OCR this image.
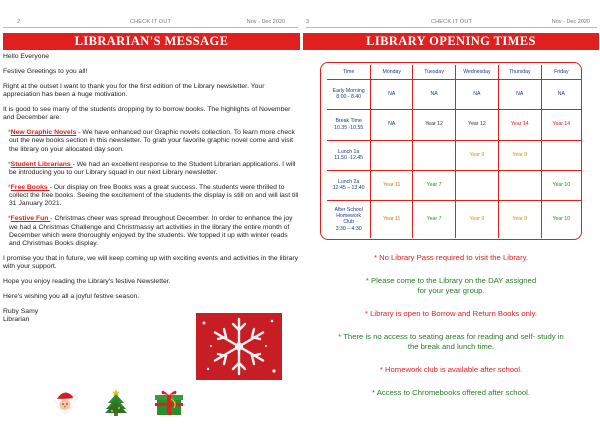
2	CHECK IT OUT	Nov - Dec 2020
LIBRARIAN'S MESSAGE

Hello Everyone

Festive Greetings to you all!

Right at the outset I want to thank you for the first edition of the Library newsletter. Your appreciation has been a huge motivation.

It is good to see many of the students dropping by to borrow books. The highlights of November and December are:

*New Graphic Novels - We have enhanced our Graphic novels collection. To learn more check out the new books section in this newsletter. To grab your favorite graphic novel come and visit the library on your allocated day soon.

*Student Librarians - We had an excellent response to the Student Librarian applications. I will be introducing you to our Library squad in our next Library newsletter.

*Free Books - Our display on free Books was a great success. The students were thrilled to collect the free books. Seeing the excitement of the students the display is still on and will last till 31 January 2021.

*Festive Fun - Christmas cheer was spread throughout December. In order to enhance the joy we had a Christmas Challenge and Christmassy art activities in the library the entire month of December which were thoroughly enjoyed by the students. We topped it up with winter reads and Christmas Books display.

I promise you that in future, we will keep coming up with exciting events and activities in the library with your support.

Hope you enjoy reading the Library's festive Newsletter.

Here's wishing you all a joyful festive season.

Ruby Samy
Librarian
3	CHECK IT OUT	Nov - Dec 2020
LIBRARY OPENING TIMES
Time	Monday	Tuesday	Wednesday	Thursday	Friday

Early Morning
8.00 - 8.40	NA	NA	NA	NA	NA

Break Time
10.35 -10.55	NA	Year 12	Year 12	Year 14	Year 14

Lunch 1a
11.50 -12.45			Year 9	Year 8	

Lunch 2a
12:45 – 13:40	Year 11	Year 7			Year 10

After School
Homework
Club
3:30 – 4:30	Year 11	Year 7	Year 9	Year 8	Year 10

* No Library Pass required to visit the Library.

* Please come to the Library on the DAY assigned for your year group.

* Library is open to Borrow and Return Books only.

* There is no access to seating areas for reading and self- study in the break and lunch time.

* Homework club is available after school.

* Access to Chromebooks offered after school.
